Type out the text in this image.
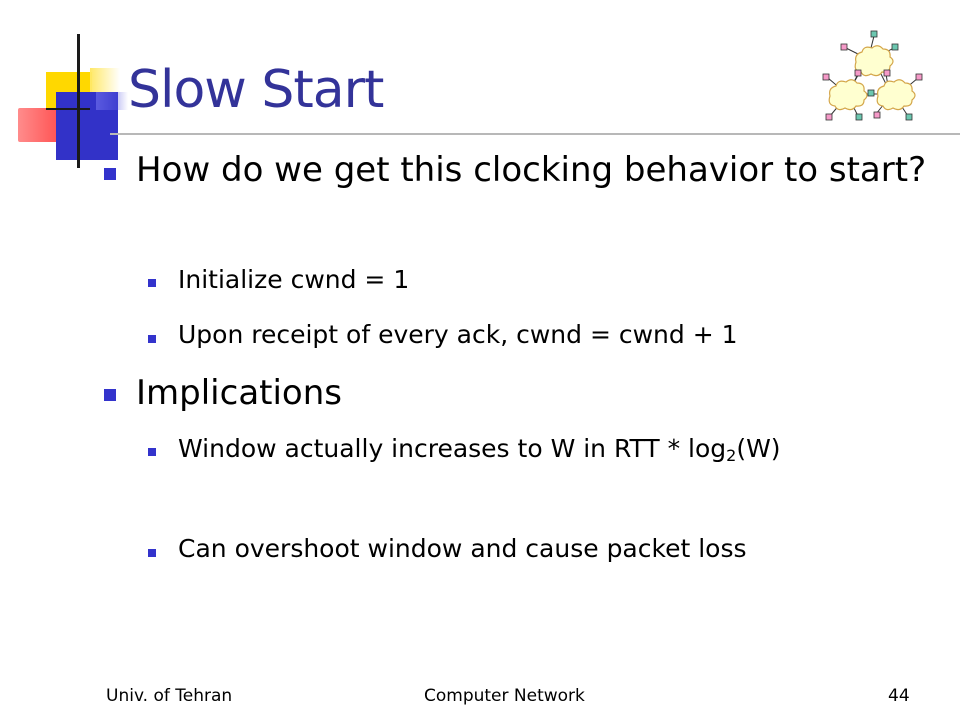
Slow Start
How do we get this clocking behavior to start?
Initialize cwnd = 1
Upon receipt of every ack, cwnd = cwnd + 1
Implications
Window actually increases to W in RTT * $\log_2(W)$
Can overshoot window and cause packet loss
Univ. of Tehran	Computer Network	44
